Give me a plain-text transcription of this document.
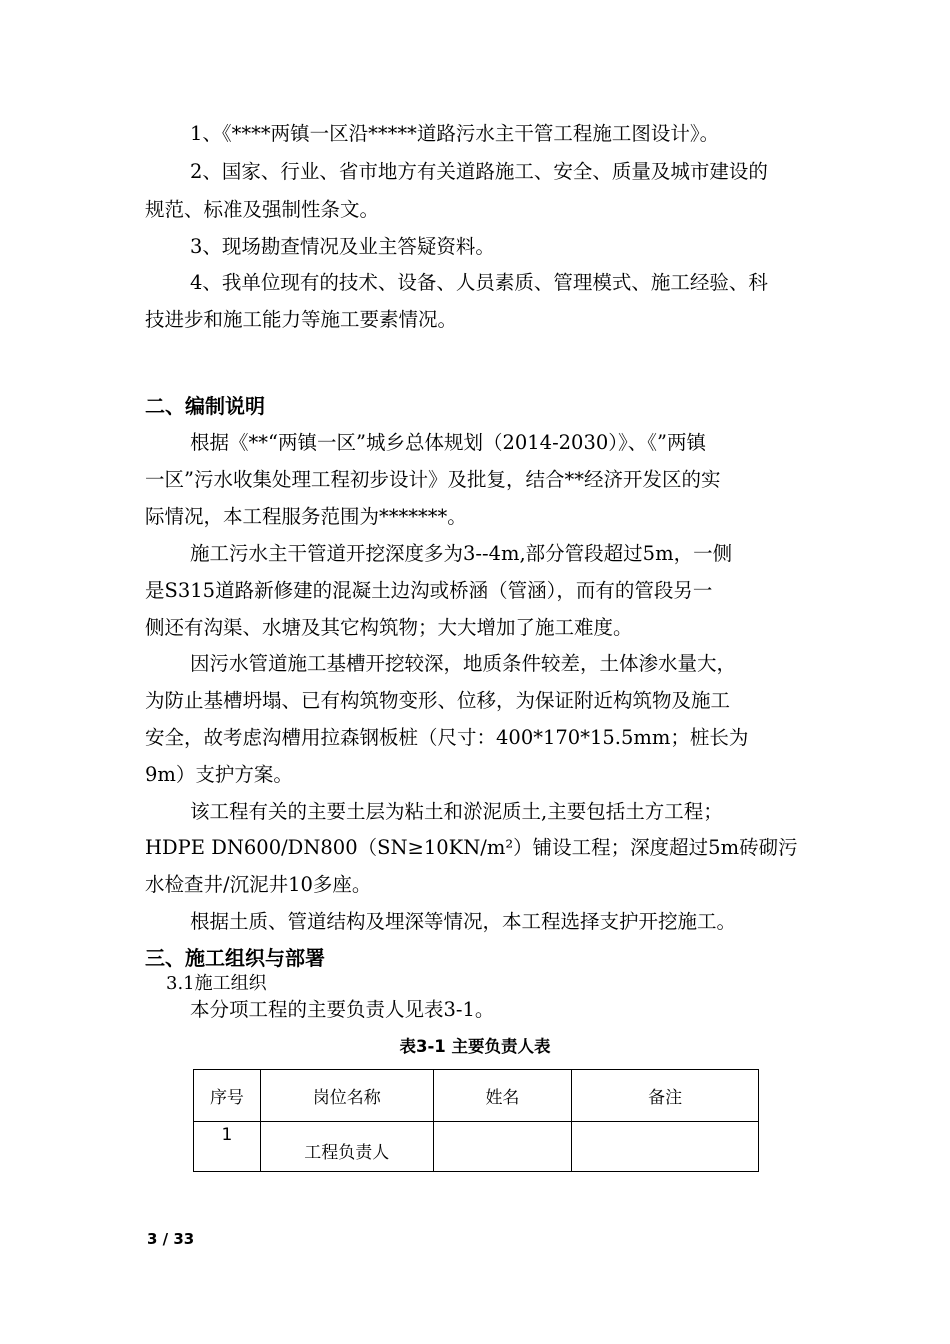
1、《****两镇一区沿*****道路污水主干管工程施工图设计》。
2、国家、行业、省市地方有关道路施工、安全、质量及城市建设的
规范、标准及强制性条文。
3、现场勘查情况及业主答疑资料。
4、我单位现有的技术、设备、人员素质、管理模式、施工经验、科
技进步和施工能力等施工要素情况。
二、编制说明
根据《**“两镇一区”城乡总体规划（2014-2030）》、《”两镇
一区”污水收集处理工程初步设计》及批复，结合**经济开发区的实
际情况，本工程服务范围为*******。
施工污水主干管道开挖深度多为3--4m,部分管段超过5m，一侧
是S315道路新修建的混凝土边沟或桥涵（管涵），而有的管段另一
侧还有沟渠、水塘及其它构筑物；大大增加了施工难度。
因污水管道施工基槽开挖较深，地质条件较差，土体渗水量大，
为防止基槽坍塌、已有构筑物变形、位移，为保证附近构筑物及施工
安全，故考虑沟槽用拉森钢板桩（尺寸：400*170*15.5mm；桩长为
9m）支护方案。
该工程有关的主要土层为粘土和淤泥质土,主要包括土方工程；
HDPE DN600/DN800（SN≥10KN/m²）铺设工程；深度超过5m砖砌污
水检查井/沉泥井10多座。
根据土质、管道结构及埋深等情况，本工程选择支护开挖施工。
三、施工组织与部署
3.1施工组织
本分项工程的主要负责人见表3-1。
表3-1 主要负责人表
序号	岗位名称	姓名	备注
1	工程负责人		
3 / 33
